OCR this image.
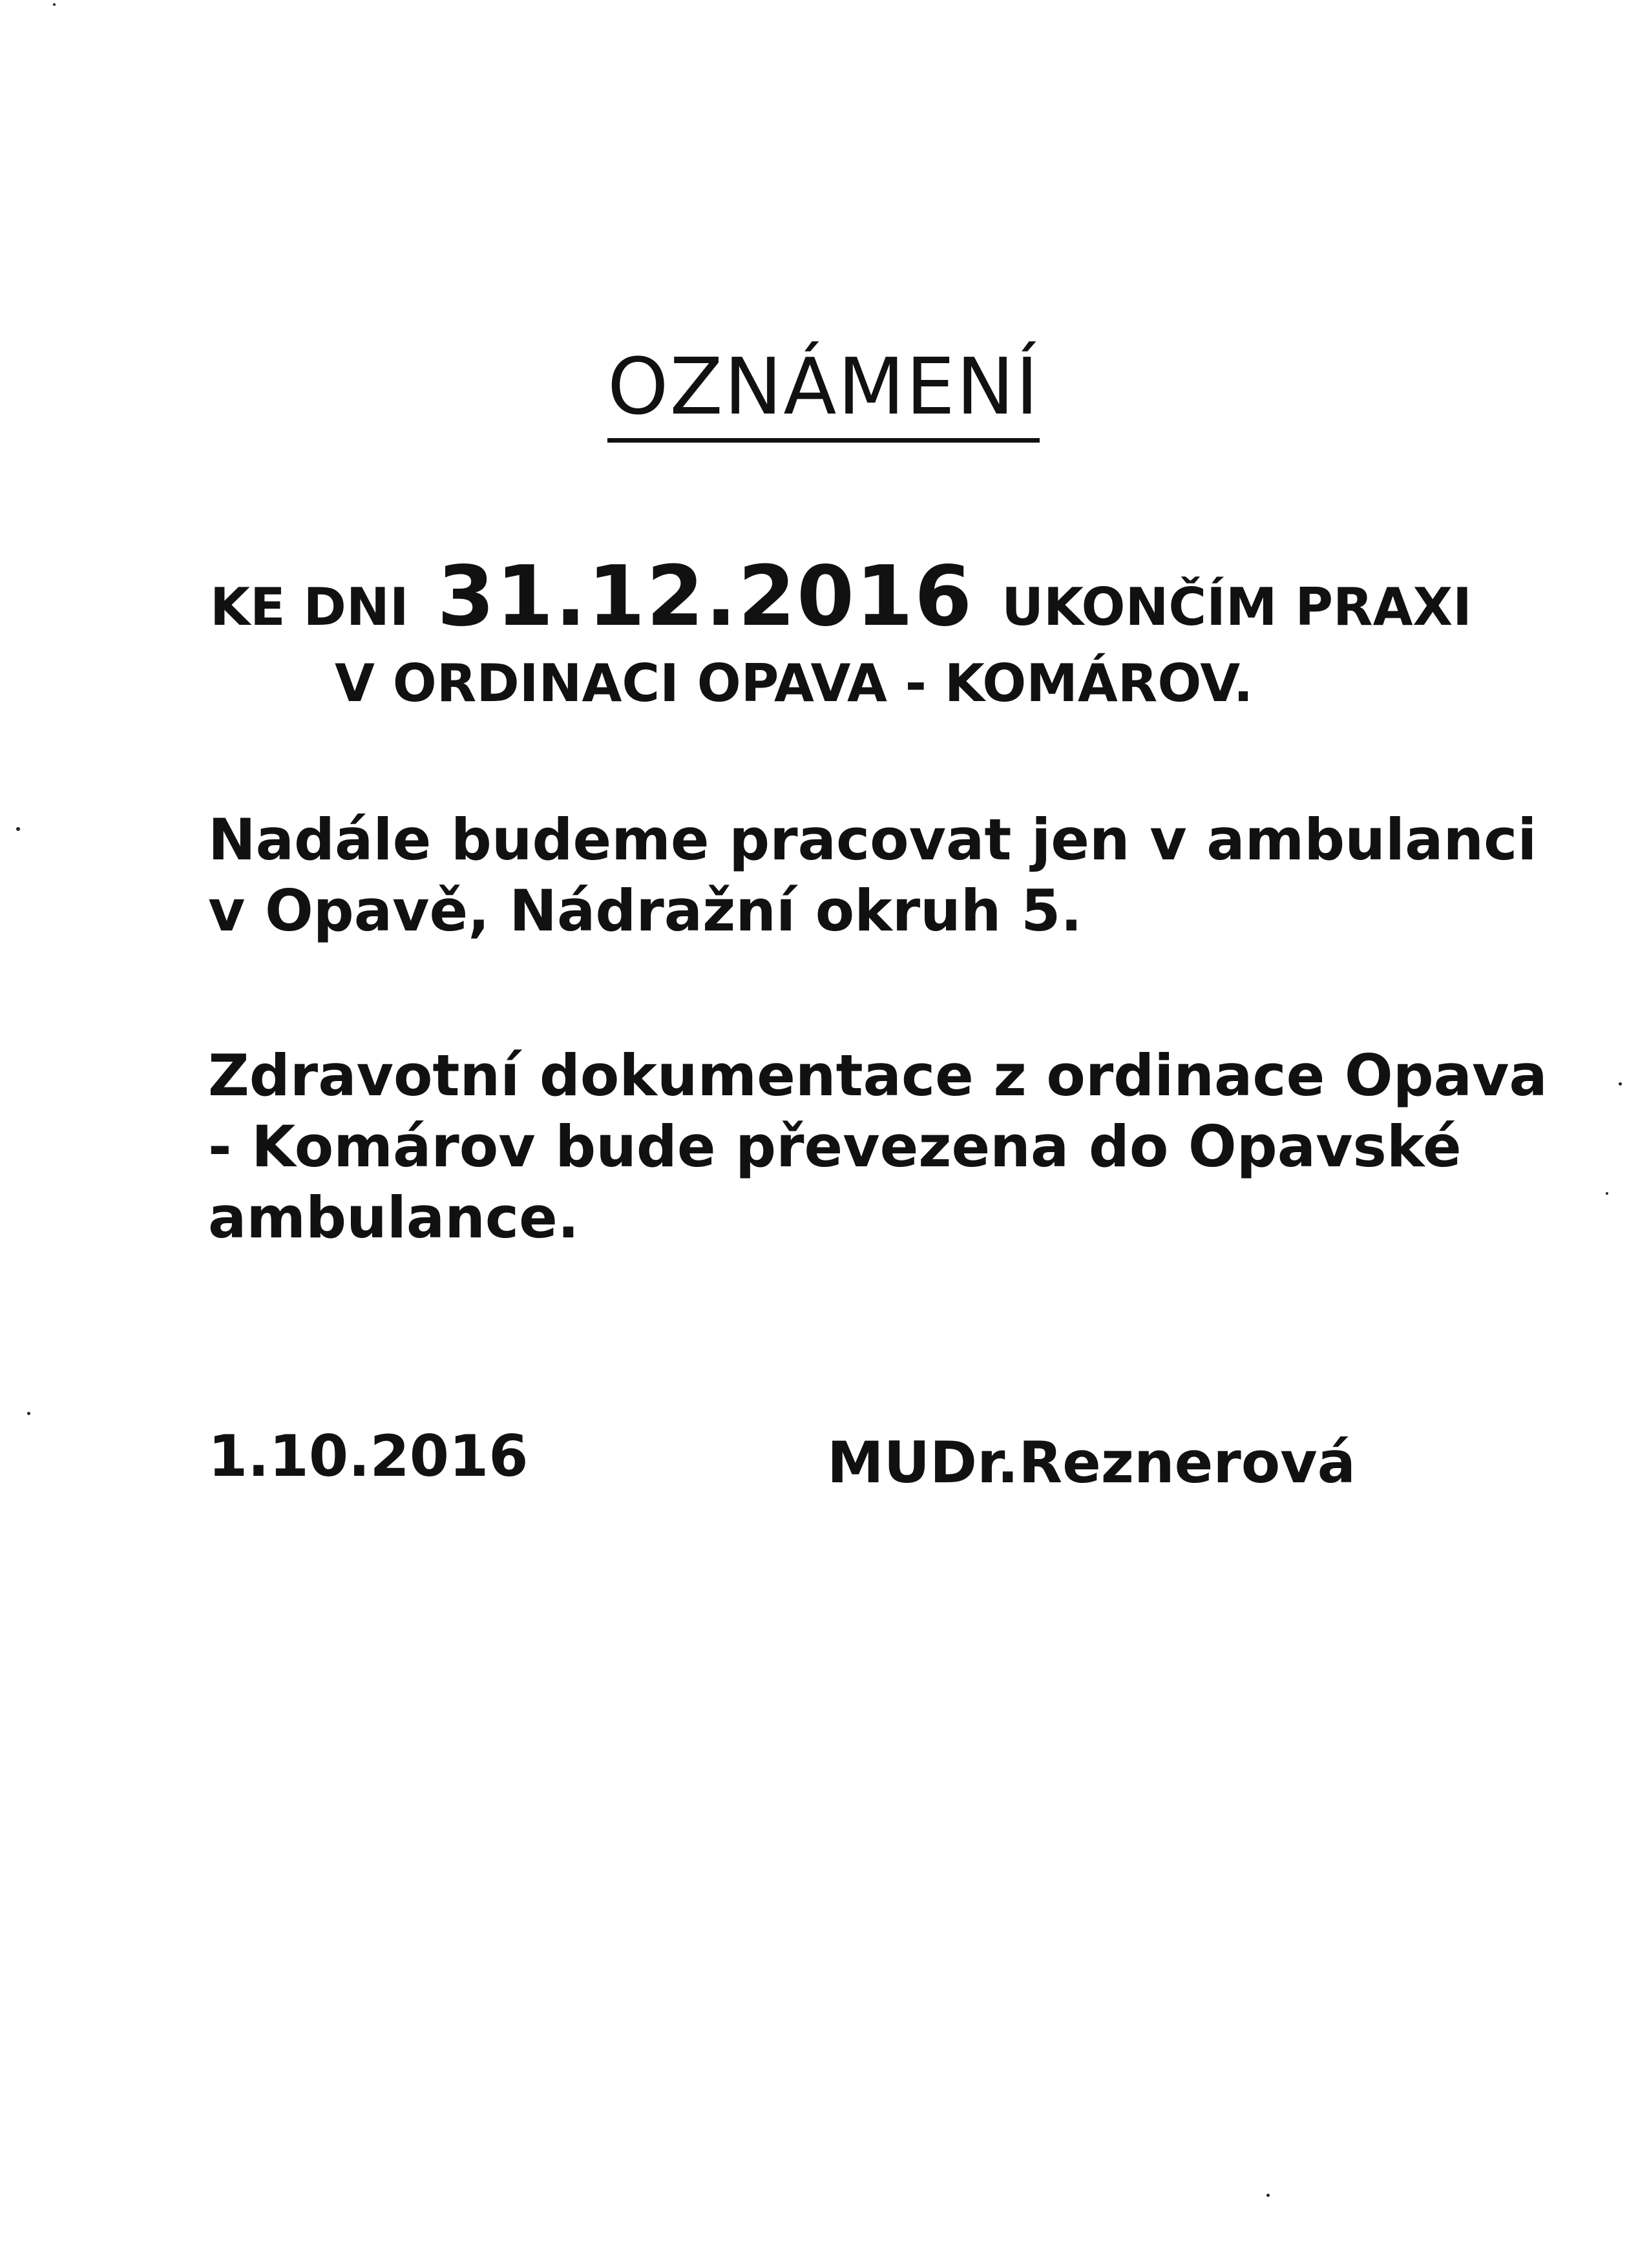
OZNÁMENÍ
KE DNI 31.12.2016 UKONČÍM PRAXI
V ORDINACI OPAVA - KOMÁROV.
Nadále budeme pracovat jen v ambulanci
v Opavě, Nádražní okruh 5.
Zdravotní dokumentace z ordinace Opava
- Komárov bude převezena do Opavské
ambulance.
1.10.2016	MUDr.Reznerová
